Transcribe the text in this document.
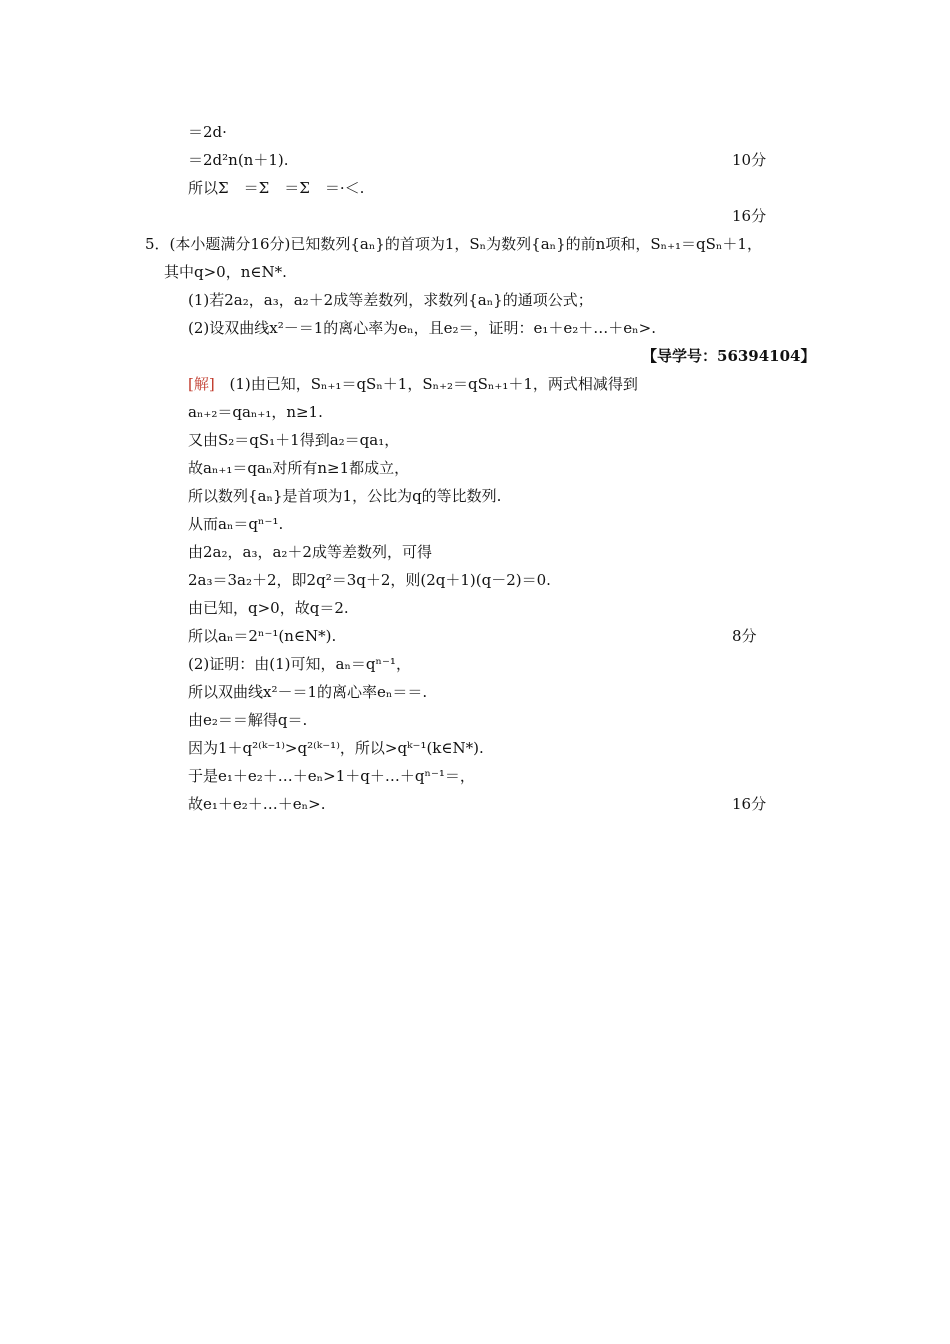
＝2d·
＝2d²n(n＋1).	10分
所以Σ　＝Σ　＝Σ　＝·＜.
16分
5．(本小题满分16分)已知数列{aₙ}的首项为1，Sₙ为数列{aₙ}的前n项和，Sₙ₊₁＝qSₙ＋1，
其中q>0，n∈N*.
(1)若2a₂，a₃，a₂＋2成等差数列，求数列{aₙ}的通项公式；
(2)设双曲线x²－＝1的离心率为eₙ，且e₂＝，证明：e₁＋e₂＋…＋eₙ>.
【导学号：56394104】
[解] (1)由已知，Sₙ₊₁＝qSₙ＋1，Sₙ₊₂＝qSₙ₊₁＋1，两式相减得到
aₙ₊₂＝qaₙ₊₁，n≥1.
又由S₂＝qS₁＋1得到a₂＝qa₁，
故aₙ₊₁＝qaₙ对所有n≥1都成立，
所以数列{aₙ}是首项为1，公比为q的等比数列.
从而aₙ＝qⁿ⁻¹.
由2a₂，a₃，a₂＋2成等差数列，可得
2a₃＝3a₂＋2，即2q²＝3q＋2，则(2q＋1)(q－2)＝0.
由已知，q>0，故q＝2.
所以aₙ＝2ⁿ⁻¹(n∈N*).	8分
(2)证明：由(1)可知，aₙ＝qⁿ⁻¹，
所以双曲线x²－＝1的离心率eₙ＝＝.
由e₂＝＝解得q＝.
因为1＋q²⁽ᵏ⁻¹⁾>q²⁽ᵏ⁻¹⁾，所以>qᵏ⁻¹(k∈N*).
于是e₁＋e₂＋…＋eₙ>1＋q＋…＋qⁿ⁻¹＝，
故e₁＋e₂＋…＋eₙ>.	16分
